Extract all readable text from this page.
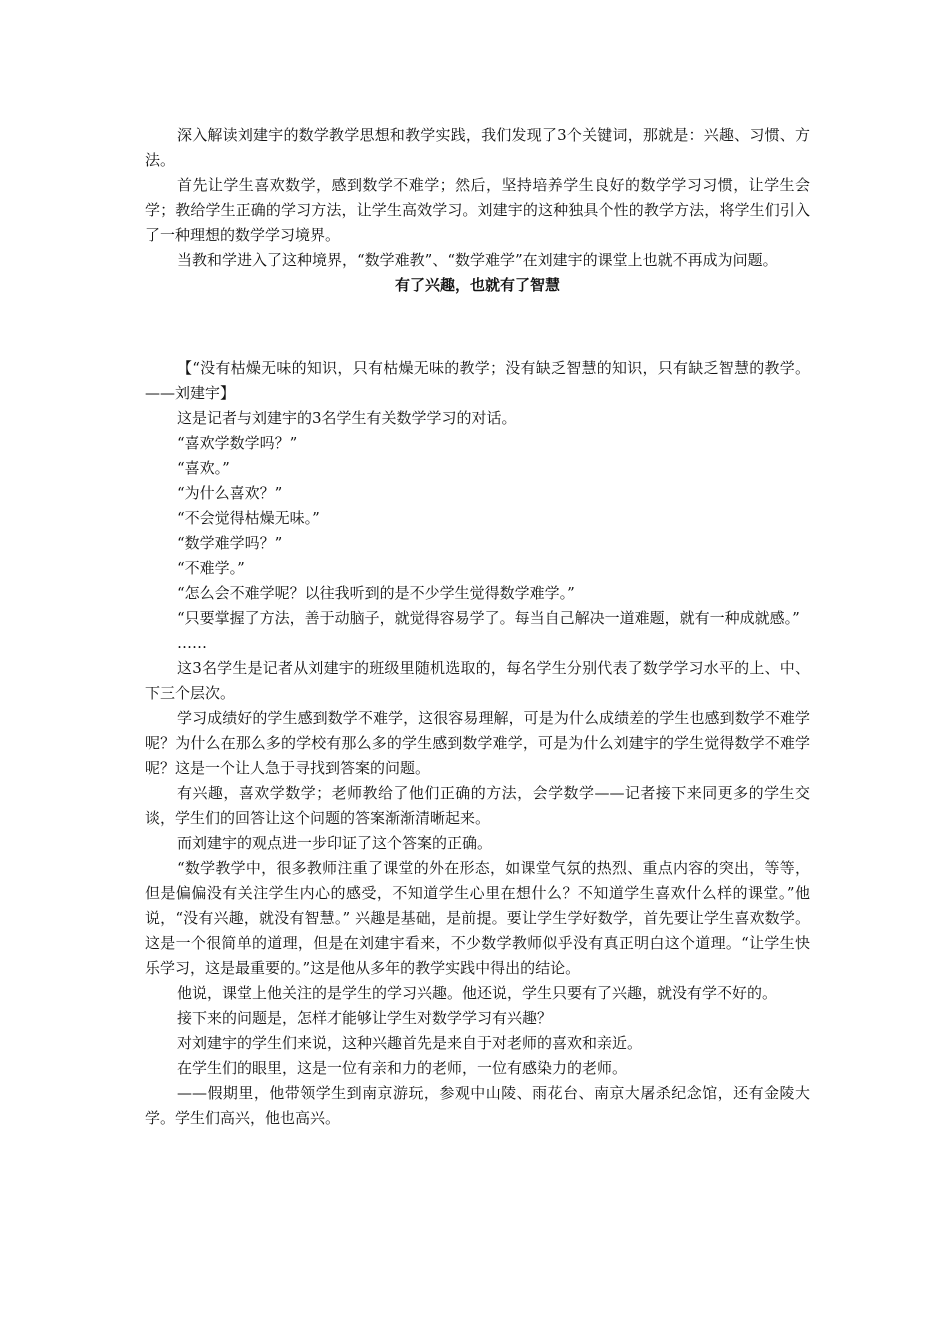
深入解读刘建宇的数学教学思想和教学实践，我们发现了3个关键词，那就是：兴趣、习惯、方法。

首先让学生喜欢数学，感到数学不难学；然后，坚持培养学生良好的数学学习习惯，让学生会学；教给学生正确的学习方法，让学生高效学习。刘建宇的这种独具个性的教学方法，将学生们引入了一种理想的数学学习境界。

当教和学进入了这种境界，“数学难教”、“数学难学”在刘建宇的课堂上也就不再成为问题。

有了兴趣，也就有了智慧

【“没有枯燥无味的知识，只有枯燥无味的教学；没有缺乏智慧的知识，只有缺乏智慧的教学。——刘建宇】

这是记者与刘建宇的3名学生有关数学学习的对话。

“喜欢学数学吗？”

“喜欢。”

“为什么喜欢？”

“不会觉得枯燥无味。”

“数学难学吗？”

“不难学。”

“怎么会不难学呢？以往我听到的是不少学生觉得数学难学。”

“只要掌握了方法，善于动脑子，就觉得容易学了。每当自己解决一道难题，就有一种成就感。”

……

这3名学生是记者从刘建宇的班级里随机选取的，每名学生分别代表了数学学习水平的上、中、下三个层次。

学习成绩好的学生感到数学不难学，这很容易理解，可是为什么成绩差的学生也感到数学不难学呢？为什么在那么多的学校有那么多的学生感到数学难学，可是为什么刘建宇的学生觉得数学不难学呢？这是一个让人急于寻找到答案的问题。

有兴趣，喜欢学数学；老师教给了他们正确的方法，会学数学——记者接下来同更多的学生交谈，学生们的回答让这个问题的答案渐渐清晰起来。

而刘建宇的观点进一步印证了这个答案的正确。

“数学教学中，很多教师注重了课堂的外在形态，如课堂气氛的热烈、重点内容的突出，等等，但是偏偏没有关注学生内心的感受，不知道学生心里在想什么？不知道学生喜欢什么样的课堂。”他说，“没有兴趣，就没有智慧。” 兴趣是基础，是前提。要让学生学好数学，首先要让学生喜欢数学。这是一个很简单的道理，但是在刘建宇看来，不少数学教师似乎没有真正明白这个道理。“让学生快乐学习，这是最重要的。”这是他从多年的教学实践中得出的结论。

他说，课堂上他关注的是学生的学习兴趣。他还说，学生只要有了兴趣，就没有学不好的。

接下来的问题是，怎样才能够让学生对数学学习有兴趣？

对刘建宇的学生们来说，这种兴趣首先是来自于对老师的喜欢和亲近。

在学生们的眼里，这是一位有亲和力的老师，一位有感染力的老师。

——假期里，他带领学生到南京游玩，参观中山陵、雨花台、南京大屠杀纪念馆，还有金陵大学。学生们高兴，他也高兴。
